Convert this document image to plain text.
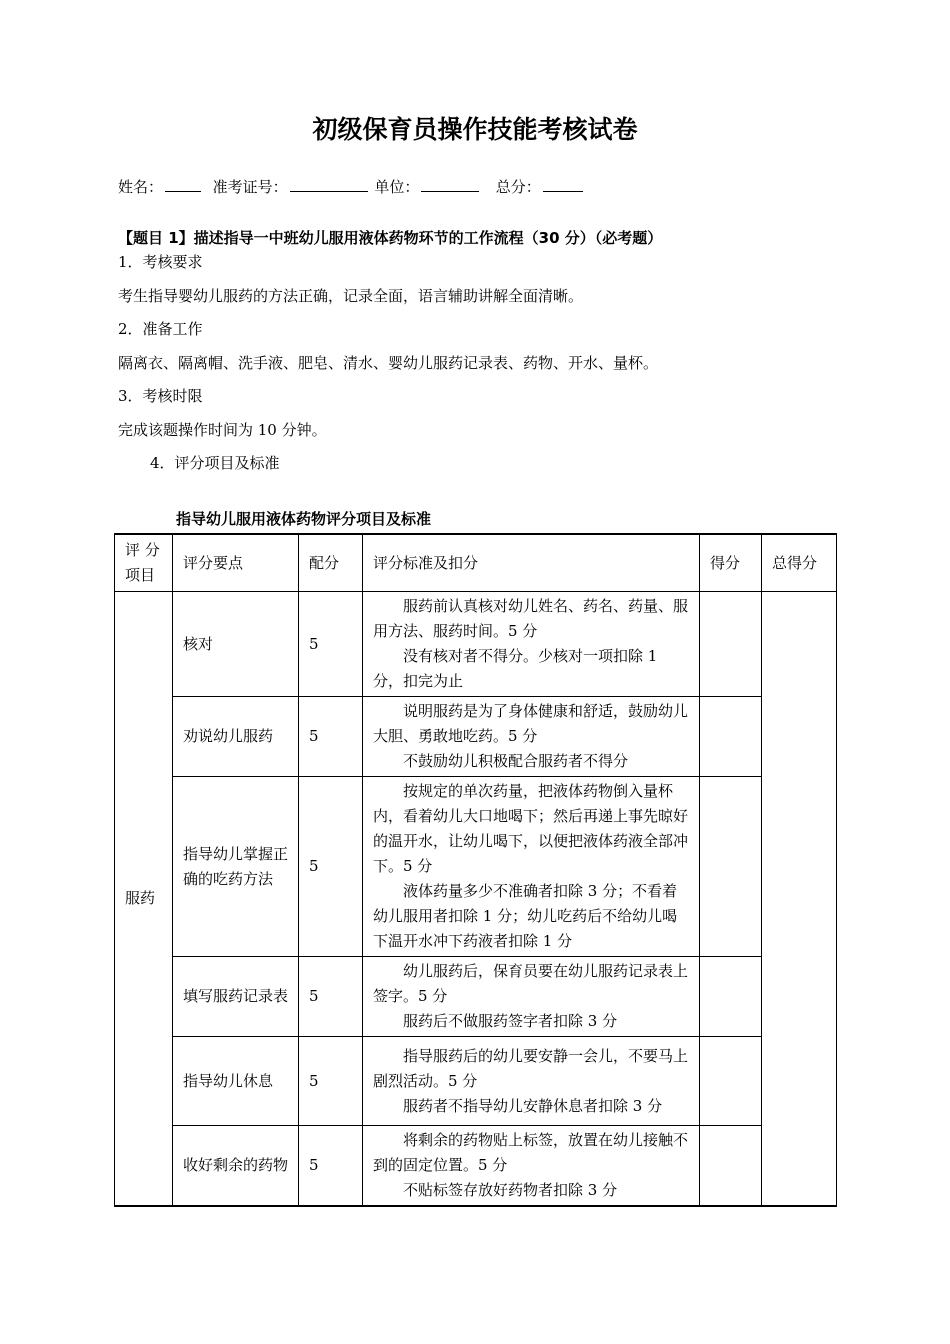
初级保育员操作技能考核试卷
姓名：	准考证号：	单位：	总分：
【题目 1】描述指导一中班幼儿服用液体药物环节的工作流程（30 分）（必考题）
1．考核要求
考生指导婴幼儿服药的方法正确，记录全面，语言辅助讲解全面清晰。
2．准备工作
隔离衣、隔离帽、洗手液、肥皂、清水、婴幼儿服药记录表、药物、开水、量杯。
3．考核时限
完成该题操作时间为 10 分钟。
4．评分项目及标准
指导幼儿服用液体药物评分项目及标准
评 分 项目	评分要点	配分	评分标准及扣分	得分	总得分
服药	核对	5	服药前认真核对幼儿姓名、药名、药量、服用方法、服药时间。5 分

没有核对者不得分。少核对一项扣除 1 分，扣完为止		

	劝说幼儿服药	5	说明服药是为了身体健康和舒适，鼓励幼儿大胆、勇敢地吃药。5 分

不鼓励幼儿积极配合服药者不得分		

	指导幼儿掌握正确的吃药方法	5	按规定的单次药量，把液体药物倒入量杯内，看着幼儿大口地喝下；然后再递上事先晾好的温开水，让幼儿喝下，以便把液体药液全部冲下。5 分

液体药量多少不准确者扣除 3 分；不看着幼儿服用者扣除 1 分；幼儿吃药后不给幼儿喝下温开水冲下药液者扣除 1 分		

	填写服药记录表	5	幼儿服药后，保育员要在幼儿服药记录表上签字。5 分

服药后不做服药签字者扣除 3 分		

	指导幼儿休息	5	指导服药后的幼儿要安静一会儿，不要马上剧烈活动。5 分

服药者不指导幼儿安静休息者扣除 3 分		

	收好剩余的药物	5	将剩余的药物贴上标签，放置在幼儿接触不到的固定位置。5 分

不贴标签存放好药物者扣除 3 分		
